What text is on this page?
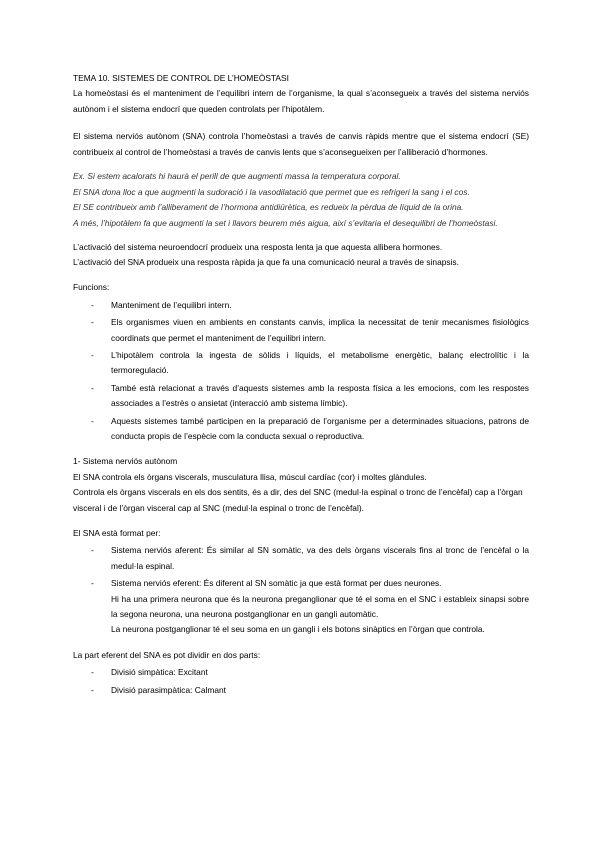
TEMA 10. SISTEMES DE CONTROL DE L’HOMEÒSTASI

La homeòstasi és el manteniment de l’equilibri intern de l’organisme, la qual s’aconsegueix a través del sistema nerviós autònom i el sistema endocrí que queden controlats per l’hipotàlem.

El sistema nerviós autònom (SNA) controla l’homeòstasi a través de canvis ràpids mentre que el sistema endocrí (SE) contribueix al control de l’homeòstasi a través de canvis lents que s’aconsegueixen per l’alliberació d’hormones.

Ex. Si estem acalorats hi haurà el perill de que augmenti massa la temperatura corporal.

El SNA dona lloc a que augmenti la sudoració i la vasodilatació que permet que es refrigeri la sang i el cos.

El SE contribueix amb l’alliberament de l’hormona antidiürètica, es redueix la pèrdua de líquid de la orina.

A més, l’hipotàlem fa que augmenti la set i llavors beurem més aigua, així s’evitaria el desequilibri de l’homeòstasi.

L’activació del sistema neuroendocrí produeix una resposta lenta ja que aquesta allibera hormones.

L’activació del SNA produeix una resposta ràpida ja que fa una comunicació neural a través de sinapsis.

Funcions:

- Manteniment de l’equilibri intern.
- Els organismes viuen en ambients en constants canvis, implica la necessitat de tenir mecanismes fisiològics coordinats que permet el manteniment de l’equilibri intern.
- L’hipotàlem controla la ingesta de sòlids i líquids, el metabolisme energètic, balanç electrolític i la termoregulació.
- També està relacionat a través d’aquests sistemes amb la resposta física a les emocions, com les respostes associades a l’estrès o ansietat (interacció amb sistema límbic).
- Aquests sistemes també participen en la preparació de l’organisme per a determinades situacions, patrons de conducta propis de l’espècie com la conducta sexual o reproductiva.

1- Sistema nerviós autònom

El SNA controla els òrgans viscerals, musculatura llisa, múscul cardíac (cor) i moltes glàndules.

Controla els òrgans viscerals en els dos sentits, és a dir, des del SNC (medul·la espinal o tronc de l’encèfal) cap a l’òrgan visceral i de l’òrgan visceral cap al SNC (medul·la espinal o tronc de l’encèfal).

El SNA està format per:

- Sistema nerviós aferent: És similar al SN somàtic, va des dels òrgans viscerals fins al tronc de l’encèfal o la medul·la espinal.
- Sistema nerviós eferent: És diferent al SN somàtic ja que està format per dues neurones.
Hi ha una primera neurona que és la neurona preganglionar que té el soma en el SNC i estableix sinapsi sobre la segona neurona, una neurona postganglionar en un gangli automàtic.
La neurona postganglionar té el seu soma en un gangli i els botons sinàptics en l’òrgan que controla.

La part eferent del SNA es pot dividir en dos parts:

- Divisió simpàtica: Excitant
- Divisió parasimpàtica: Calmant
